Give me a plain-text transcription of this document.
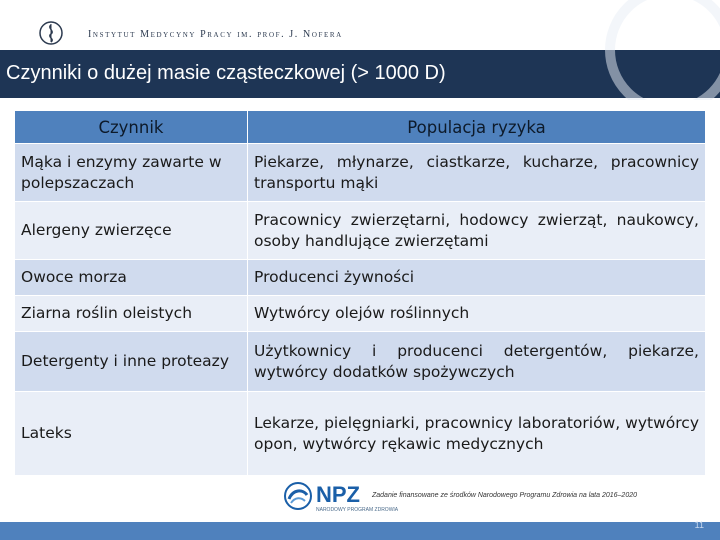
Instytut Medycyny Pracy im. prof. J. Nofera
Czynniki o dużej masie cząsteczkowej (> 1000 D)
Czynnik	Populacja ryzyka
Mąka i enzymy zawarte w polepszaczach	Piekarze, młynarze, ciastkarze, kucharze, pracownicy transportu mąki
Alergeny zwierzęce	Pracownicy zwierzętarni, hodowcy zwierząt, naukowcy, osoby handlujące zwierzętami
Owoce morza	Producenci żywności
Ziarna roślin oleistych	Wytwórcy olejów roślinnych
Detergenty i inne proteazy	Użytkownicy i producenci detergentów, piekarze, wytwórcy dodatków spożywczych
Lateks	Lekarze, pielęgniarki, pracownicy laboratoriów, wytwórcy opon, wytwórcy rękawic medycznych
NPZ
NARODOWY PROGRAM ZDROWIA
Zadanie finansowane ze środków Narodowego Programu Zdrowia na lata 2016–2020
11
